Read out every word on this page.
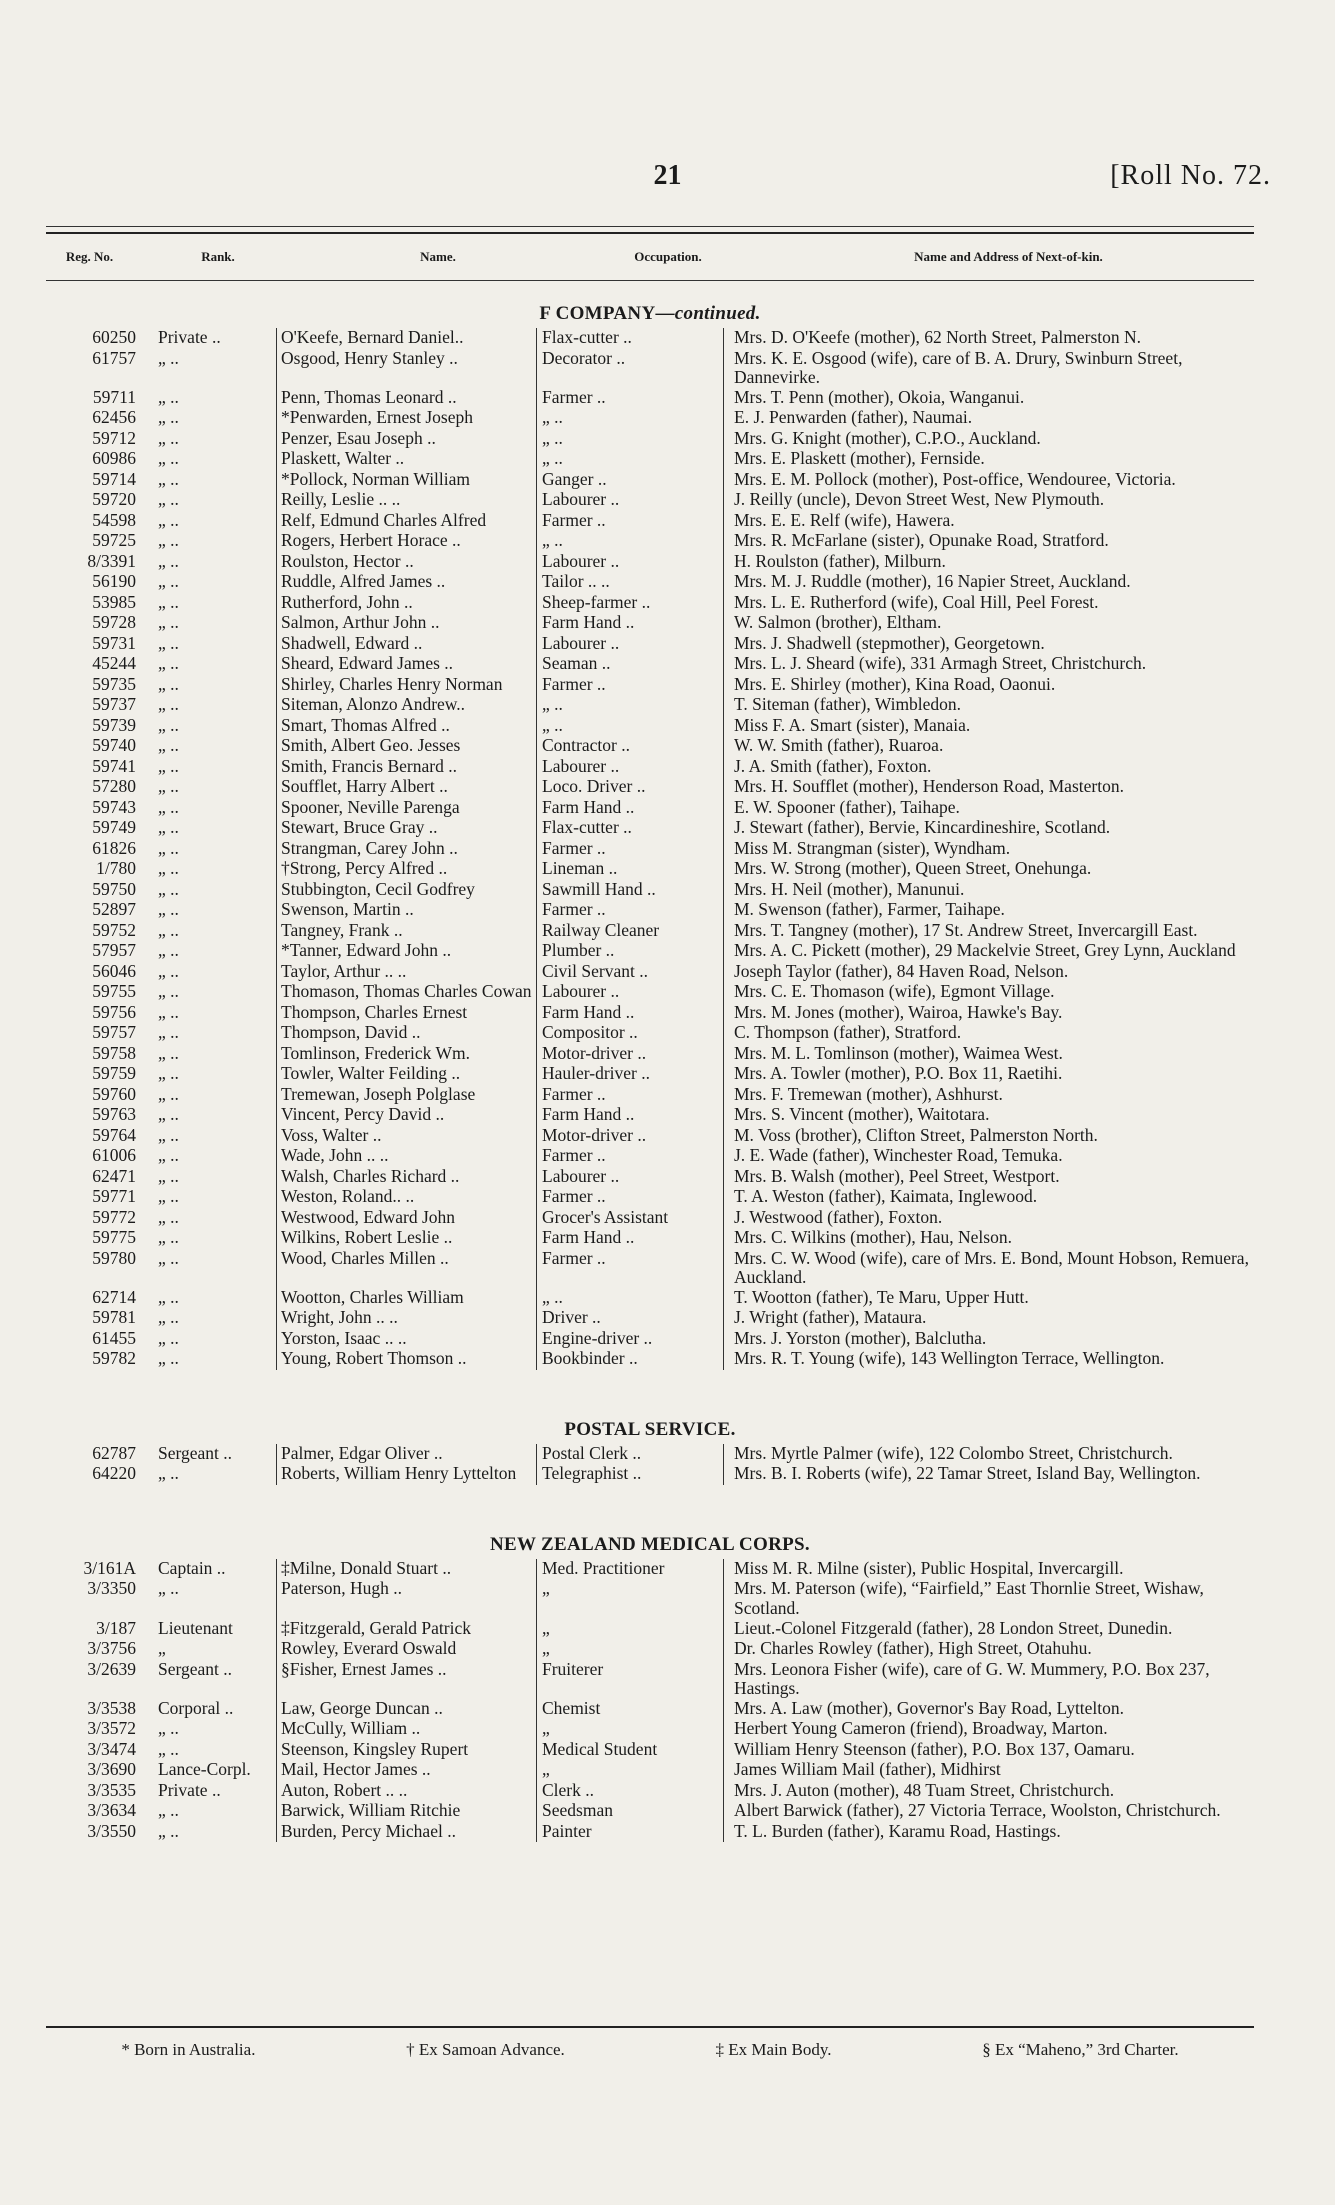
21	[Roll No. 72.
Reg. No.	Rank.	Name.	Occupation.	Name and Address of Next-of-kin.
F COMPANY—continued.
60250	Private ..	O'Keefe, Bernard Daniel..	Flax-cutter ..	Mrs. D. O'Keefe (mother), 62 North Street, Palmerston N.
61757	„ ..	Osgood, Henry Stanley ..	Decorator ..	Mrs. K. E. Osgood (wife), care of B. A. Drury, Swinburn Street, Dannevirke.
59711	„ ..	Penn, Thomas Leonard ..	Farmer ..	Mrs. T. Penn (mother), Okoia, Wanganui.
62456	„ ..	*Penwarden, Ernest Joseph	„ ..	E. J. Penwarden (father), Naumai.
59712	„ ..	Penzer, Esau Joseph ..	„ ..	Mrs. G. Knight (mother), C.P.O., Auckland.
60986	„ ..	Plaskett, Walter ..	„ ..	Mrs. E. Plaskett (mother), Fernside.
59714	„ ..	*Pollock, Norman William	Ganger ..	Mrs. E. M. Pollock (mother), Post-office, Wendouree, Victoria.
59720	„ ..	Reilly, Leslie .. ..	Labourer ..	J. Reilly (uncle), Devon Street West, New Plymouth.
54598	„ ..	Relf, Edmund Charles Alfred	Farmer ..	Mrs. E. E. Relf (wife), Hawera.
59725	„ ..	Rogers, Herbert Horace ..	„ ..	Mrs. R. McFarlane (sister), Opunake Road, Stratford.
8/3391	„ ..	Roulston, Hector ..	Labourer ..	H. Roulston (father), Milburn.
56190	„ ..	Ruddle, Alfred James ..	Tailor .. ..	Mrs. M. J. Ruddle (mother), 16 Napier Street, Auckland.
53985	„ ..	Rutherford, John ..	Sheep-farmer ..	Mrs. L. E. Rutherford (wife), Coal Hill, Peel Forest.
59728	„ ..	Salmon, Arthur John ..	Farm Hand ..	W. Salmon (brother), Eltham.
59731	„ ..	Shadwell, Edward ..	Labourer ..	Mrs. J. Shadwell (stepmother), Georgetown.
45244	„ ..	Sheard, Edward James ..	Seaman ..	Mrs. L. J. Sheard (wife), 331 Armagh Street, Christchurch.
59735	„ ..	Shirley, Charles Henry Norman	Farmer ..	Mrs. E. Shirley (mother), Kina Road, Oaonui.
59737	„ ..	Siteman, Alonzo Andrew..	„ ..	T. Siteman (father), Wimbledon.
59739	„ ..	Smart, Thomas Alfred ..	„ ..	Miss F. A. Smart (sister), Manaia.
59740	„ ..	Smith, Albert Geo. Jesses	Contractor ..	W. W. Smith (father), Ruaroa.
59741	„ ..	Smith, Francis Bernard ..	Labourer ..	J. A. Smith (father), Foxton.
57280	„ ..	Soufflet, Harry Albert ..	Loco. Driver ..	Mrs. H. Soufflet (mother), Henderson Road, Masterton.
59743	„ ..	Spooner, Neville Parenga	Farm Hand ..	E. W. Spooner (father), Taihape.
59749	„ ..	Stewart, Bruce Gray ..	Flax-cutter ..	J. Stewart (father), Bervie, Kincardineshire, Scotland.
61826	„ ..	Strangman, Carey John ..	Farmer ..	Miss M. Strangman (sister), Wyndham.
1/780	„ ..	†Strong, Percy Alfred ..	Lineman ..	Mrs. W. Strong (mother), Queen Street, Onehunga.
59750	„ ..	Stubbington, Cecil Godfrey	Sawmill Hand ..	Mrs. H. Neil (mother), Manunui.
52897	„ ..	Swenson, Martin ..	Farmer ..	M. Swenson (father), Farmer, Taihape.
59752	„ ..	Tangney, Frank ..	Railway Cleaner	Mrs. T. Tangney (mother), 17 St. Andrew Street, Invercargill East.
57957	„ ..	*Tanner, Edward John ..	Plumber ..	Mrs. A. C. Pickett (mother), 29 Mackelvie Street, Grey Lynn, Auckland
56046	„ ..	Taylor, Arthur .. ..	Civil Servant ..	Joseph Taylor (father), 84 Haven Road, Nelson.
59755	„ ..	Thomason, Thomas Charles Cowan	Labourer ..	Mrs. C. E. Thomason (wife), Egmont Village.
59756	„ ..	Thompson, Charles Ernest	Farm Hand ..	Mrs. M. Jones (mother), Wairoa, Hawke's Bay.
59757	„ ..	Thompson, David ..	Compositor ..	C. Thompson (father), Stratford.
59758	„ ..	Tomlinson, Frederick Wm.	Motor-driver ..	Mrs. M. L. Tomlinson (mother), Waimea West.
59759	„ ..	Towler, Walter Feilding ..	Hauler-driver ..	Mrs. A. Towler (mother), P.O. Box 11, Raetihi.
59760	„ ..	Tremewan, Joseph Polglase	Farmer ..	Mrs. F. Tremewan (mother), Ashhurst.
59763	„ ..	Vincent, Percy David ..	Farm Hand ..	Mrs. S. Vincent (mother), Waitotara.
59764	„ ..	Voss, Walter ..	Motor-driver ..	M. Voss (brother), Clifton Street, Palmerston North.
61006	„ ..	Wade, John .. ..	Farmer ..	J. E. Wade (father), Winchester Road, Temuka.
62471	„ ..	Walsh, Charles Richard ..	Labourer ..	Mrs. B. Walsh (mother), Peel Street, Westport.
59771	„ ..	Weston, Roland.. ..	Farmer ..	T. A. Weston (father), Kaimata, Inglewood.
59772	„ ..	Westwood, Edward John	Grocer's Assistant	J. Westwood (father), Foxton.
59775	„ ..	Wilkins, Robert Leslie ..	Farm Hand ..	Mrs. C. Wilkins (mother), Hau, Nelson.
59780	„ ..	Wood, Charles Millen ..	Farmer ..	Mrs. C. W. Wood (wife), care of Mrs. E. Bond, Mount Hobson, Remuera, Auckland.
62714	„ ..	Wootton, Charles William	„ ..	T. Wootton (father), Te Maru, Upper Hutt.
59781	„ ..	Wright, John .. ..	Driver ..	J. Wright (father), Mataura.
61455	„ ..	Yorston, Isaac .. ..	Engine-driver ..	Mrs. J. Yorston (mother), Balclutha.
59782	„ ..	Young, Robert Thomson ..	Bookbinder ..	Mrs. R. T. Young (wife), 143 Wellington Terrace, Wellington.
POSTAL SERVICE.
62787	Sergeant ..	Palmer, Edgar Oliver ..	Postal Clerk ..	Mrs. Myrtle Palmer (wife), 122 Colombo Street, Christchurch.
64220	„ ..	Roberts, William Henry Lyttelton	Telegraphist ..	Mrs. B. I. Roberts (wife), 22 Tamar Street, Island Bay, Wellington.
NEW ZEALAND MEDICAL CORPS.
3/161A	Captain ..	‡Milne, Donald Stuart ..	Med. Practitioner	Miss M. R. Milne (sister), Public Hospital, Invercargill.
3/3350	„ ..	Paterson, Hugh ..	„	Mrs. M. Paterson (wife), “Fairfield,” East Thornlie Street, Wishaw, Scotland.
3/187	Lieutenant	‡Fitzgerald, Gerald Patrick	„	Lieut.-Colonel Fitzgerald (father), 28 London Street, Dunedin.
3/3756	„	Rowley, Everard Oswald	„	Dr. Charles Rowley (father), High Street, Otahuhu.
3/2639	Sergeant ..	§Fisher, Ernest James ..	Fruiterer	Mrs. Leonora Fisher (wife), care of G. W. Mummery, P.O. Box 237, Hastings.
3/3538	Corporal ..	Law, George Duncan ..	Chemist	Mrs. A. Law (mother), Governor's Bay Road, Lyttelton.
3/3572	„ ..	McCully, William ..	„	Herbert Young Cameron (friend), Broadway, Marton.
3/3474	„ ..	Steenson, Kingsley Rupert	Medical Student	William Henry Steenson (father), P.O. Box 137, Oamaru.
3/3690	Lance-Corpl.	Mail, Hector James ..	„	James William Mail (father), Midhirst
3/3535	Private ..	Auton, Robert .. ..	Clerk ..	Mrs. J. Auton (mother), 48 Tuam Street, Christchurch.
3/3634	„ ..	Barwick, William Ritchie	Seedsman	Albert Barwick (father), 27 Victoria Terrace, Woolston, Christchurch.
3/3550	„ ..	Burden, Percy Michael ..	Painter	T. L. Burden (father), Karamu Road, Hastings.
* Born in Australia.	† Ex Samoan Advance.	‡ Ex Main Body.	§ Ex “Maheno,” 3rd Charter.
